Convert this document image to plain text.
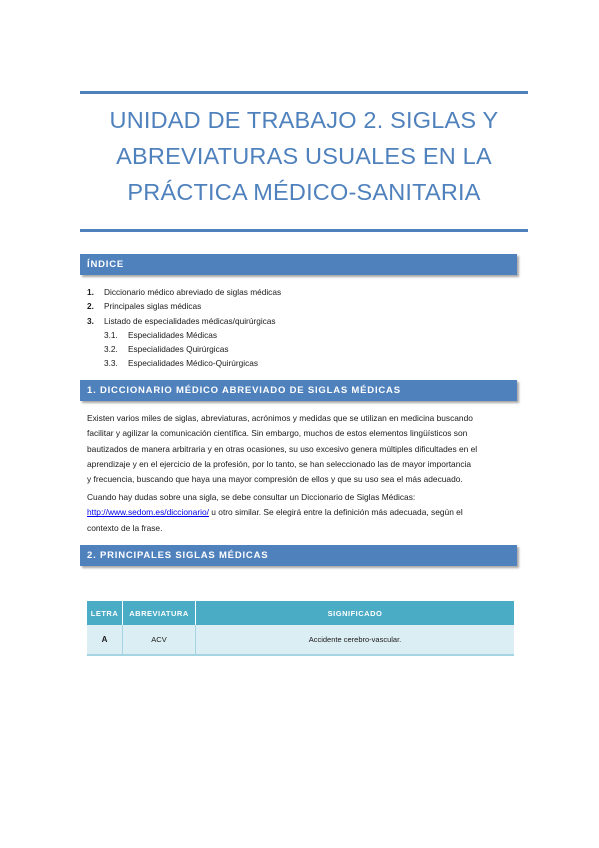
UNIDAD DE TRABAJO 2. SIGLAS Y
ABREVIATURAS USUALES EN LA
PRÁCTICA MÉDICO-SANITARIA
ÍNDICE
1. Diccionario médico abreviado de siglas médicas
2. Principales siglas médicas
3. Listado de especialidades médicas/quirúrgicas
3.1. Especialidades Médicas
3.2. Especialidades Quirúrgicas
3.3. Especialidades Médico-Quirúrgicas
1. DICCIONARIO MÉDICO ABREVIADO DE SIGLAS MÉDICAS

Existen varios miles de siglas, abreviaturas, acrónimos y medidas que se utilizan en medicina buscando
facilitar y agilizar la comunicación científica. Sin embargo, muchos de estos elementos lingüísticos son
bautizados de manera arbitraria y en otras ocasiones, su uso excesivo genera múltiples dificultades en el
aprendizaje y en el ejercicio de la profesión, por lo tanto, se han seleccionado las de mayor importancia
y frecuencia, buscando que haya una mayor compresión de ellos y que su uso sea el más adecuado.

Cuando hay dudas sobre una sigla, se debe consultar un Diccionario de Siglas Médicas:
http://www.sedom.es/diccionario/ u otro similar. Se elegirá entre la definición más adecuada, según el
contexto de la frase.

2. PRINCIPALES SIGLAS MÉDICAS
LETRA	ABREVIATURA	SIGNIFICADO
A	ACV	Accidente cerebro-vascular.
